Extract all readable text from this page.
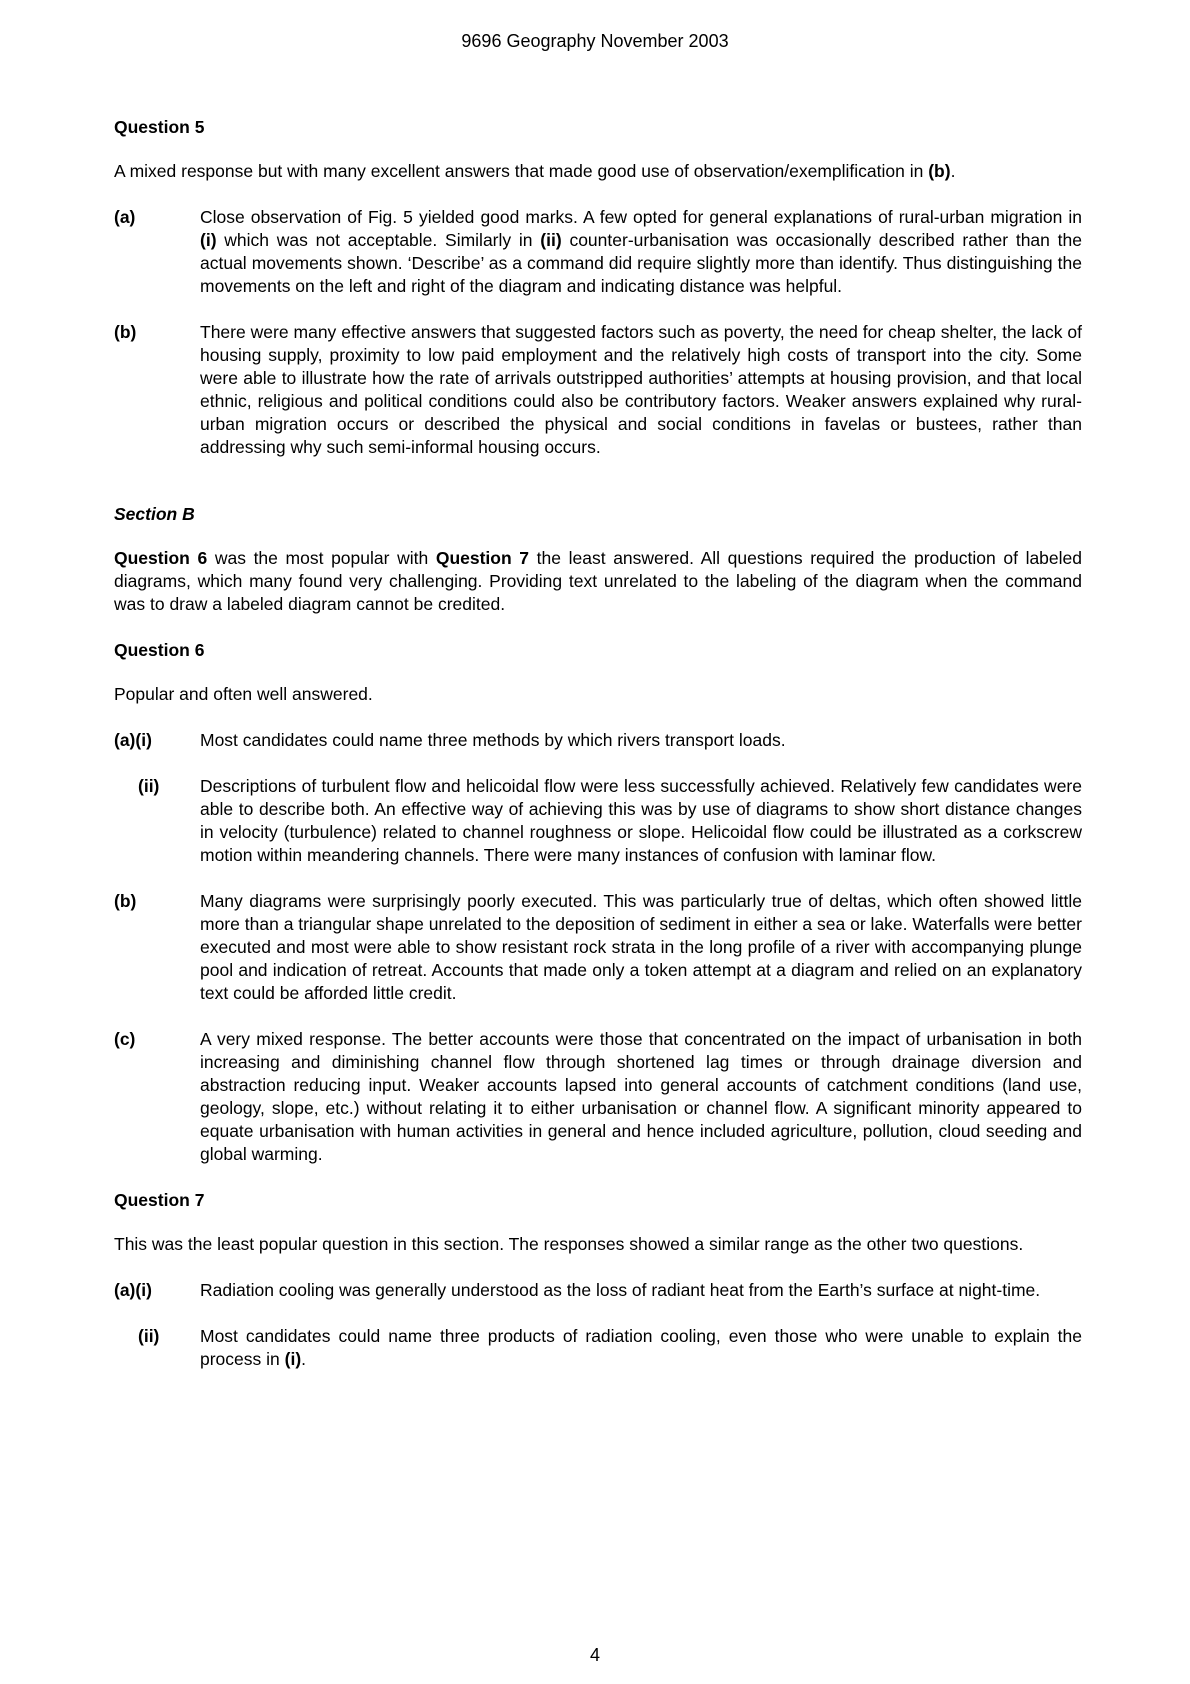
9696 Geography November 2003

Question 5

A mixed response but with many excellent answers that made good use of observation/exemplification in (b).

(a)	Close observation of Fig. 5 yielded good marks. A few opted for general explanations of rural-urban migration in (i) which was not acceptable. Similarly in (ii) counter-urbanisation was occasionally described rather than the actual movements shown. ‘Describe’ as a command did require slightly more than identify. Thus distinguishing the movements on the left and right of the diagram and indicating distance was helpful.
(b)	There were many effective answers that suggested factors such as poverty, the need for cheap shelter, the lack of housing supply, proximity to low paid employment and the relatively high costs of transport into the city. Some were able to illustrate how the rate of arrivals outstripped authorities’ attempts at housing provision, and that local ethnic, religious and political conditions could also be contributory factors. Weaker answers explained why rural-urban migration occurs or described the physical and social conditions in favelas or bustees, rather than addressing why such semi-informal housing occurs.

Section B

Question 6 was the most popular with Question 7 the least answered. All questions required the production of labeled diagrams, which many found very challenging. Providing text unrelated to the labeling of the diagram when the command was to draw a labeled diagram cannot be credited.

Question 6

Popular and often well answered.

(a)(i)	Most candidates could name three methods by which rivers transport loads.
(ii)	Descriptions of turbulent flow and helicoidal flow were less successfully achieved. Relatively few candidates were able to describe both. An effective way of achieving this was by use of diagrams to show short distance changes in velocity (turbulence) related to channel roughness or slope. Helicoidal flow could be illustrated as a corkscrew motion within meandering channels. There were many instances of confusion with laminar flow.
(b)	Many diagrams were surprisingly poorly executed. This was particularly true of deltas, which often showed little more than a triangular shape unrelated to the deposition of sediment in either a sea or lake. Waterfalls were better executed and most were able to show resistant rock strata in the long profile of a river with accompanying plunge pool and indication of retreat. Accounts that made only a token attempt at a diagram and relied on an explanatory text could be afforded little credit.
(c)	A very mixed response. The better accounts were those that concentrated on the impact of urbanisation in both increasing and diminishing channel flow through shortened lag times or through drainage diversion and abstraction reducing input. Weaker accounts lapsed into general accounts of catchment conditions (land use, geology, slope, etc.) without relating it to either urbanisation or channel flow. A significant minority appeared to equate urbanisation with human activities in general and hence included agriculture, pollution, cloud seeding and global warming.

Question 7

This was the least popular question in this section. The responses showed a similar range as the other two questions.

(a)(i)	Radiation cooling was generally understood as the loss of radiant heat from the Earth’s surface at night-time.
(ii)	Most candidates could name three products of radiation cooling, even those who were unable to explain the process in (i).
4
